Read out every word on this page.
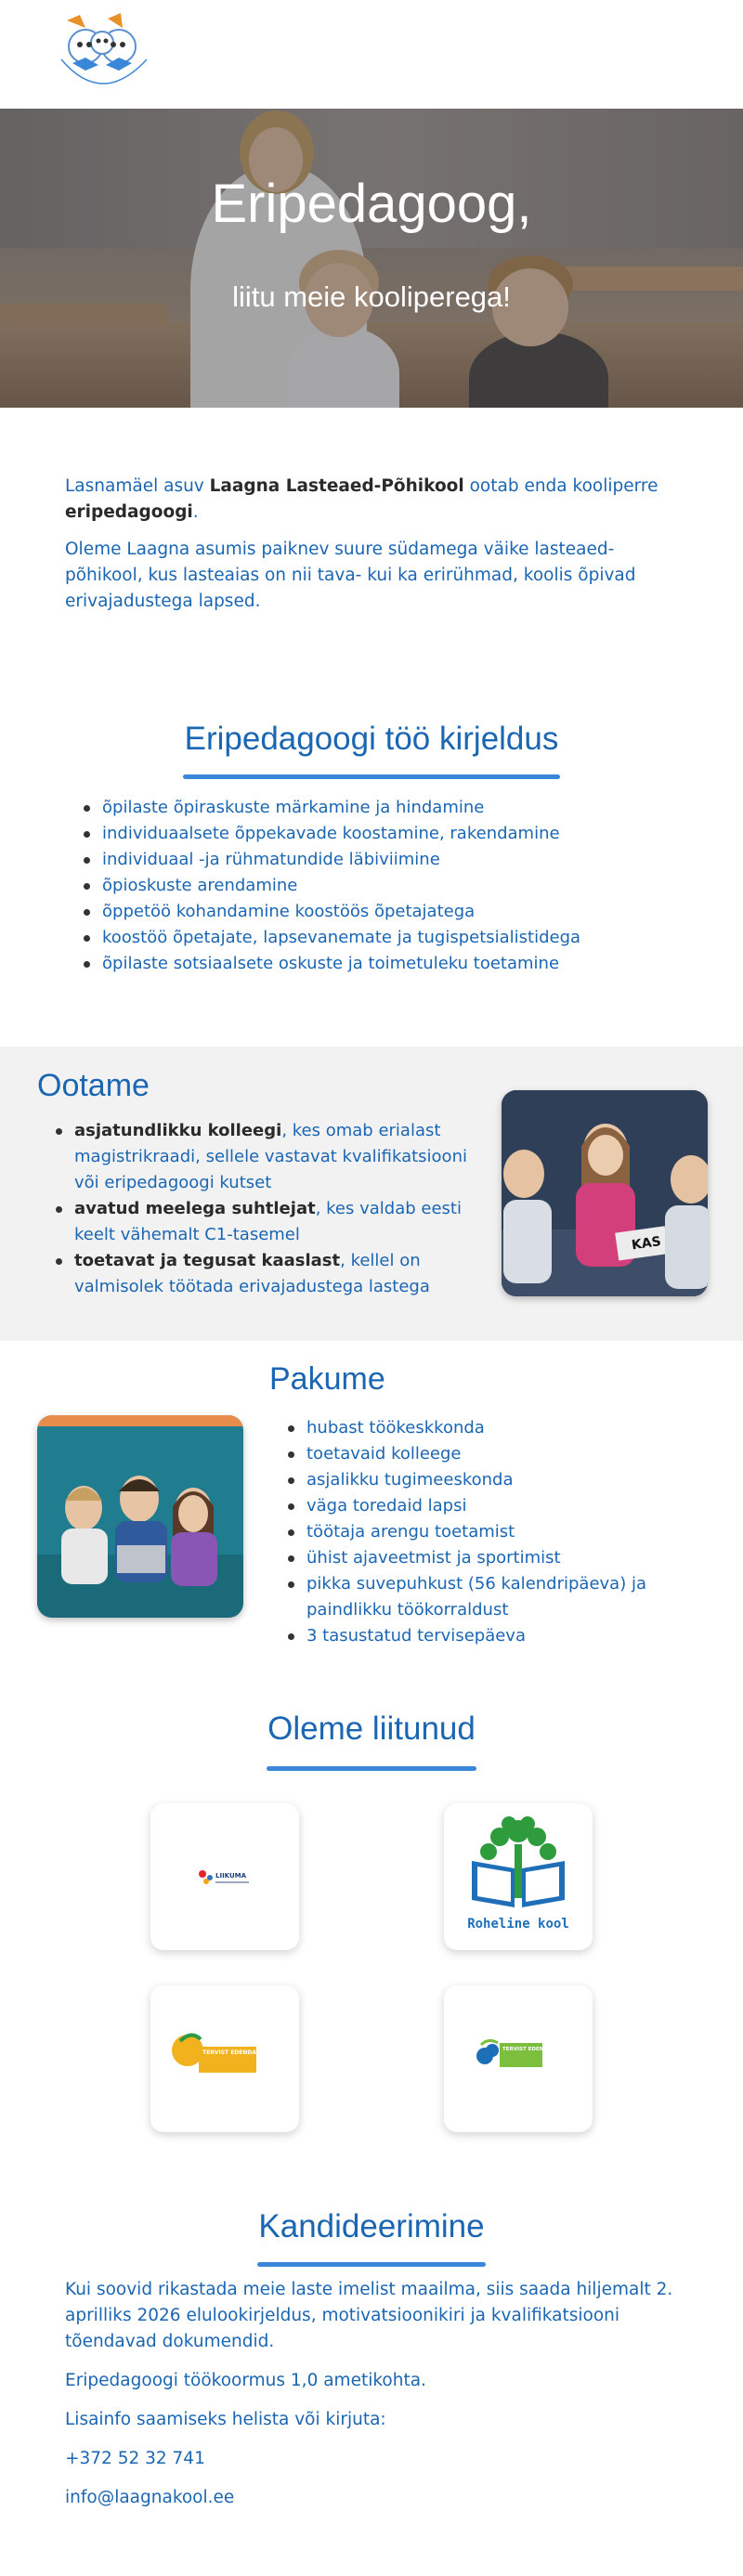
Eripedagoog,
liitu meie kooliperega!

Lasnamäel asuv Laagna Lasteaed-Põhikool ootab enda kooliperre eripedagoogi.

Oleme Laagna asumis paiknev suure südamega väike lasteaed-põhikool, kus lasteaias on nii tava- kui ka erirühmad, koolis õpivad erivajadustega lapsed.

Eripedagoogi töö kirjeldus
õpilaste õpiraskuste märkamine ja hindamine
individuaalsete õppekavade koostamine, rakendamine
individuaal -ja rühmatundide läbiviimine
õpioskuste arendamine
õppetöö kohandamine koostöös õpetajatega
koostöö õpetajate, lapsevanemate ja tugispetsialistidega
õpilaste sotsiaalsete oskuste ja toimetuleku toetamine
Ootame
asjatundlikku kolleegi, kes omab erialast magistrikraadi, sellele vastavat kvalifikatsiooni või eripedagoogi kutset
avatud meelega suhtlejat, kes valdab eesti keelt vähemalt C1-tasemel
toetavat ja tegusat kaaslast, kellel on valmisolek töötada erivajadustega lastega
KAS
Pakume
hubast töökeskkonda
toetavaid kolleege
asjalikku tugimeeskonda
väga toredaid lapsi
töötaja arengu toetamist
ühist ajaveetmist ja sportimist
pikka suvepuhkust (56 kalendripäeva) ja paindlikku töökorraldust
3 tasustatud tervisepäeva
Oleme liitunud
LIIKUMA
Roheline kool
TERVIST EDENDAV LASTEAED	TERVIST EDENDAV KOOL
Kandideerimine

Kui soovid rikastada meie laste imelist maailma, siis saada hiljemalt 2. aprilliks 2026 elulookirjeldus, motivatsioonikiri ja kvalifikatsiooni tõendavad dokumendid.

Eripedagoogi töökoormus 1,0 ametikohta.

Lisainfo saamiseks helista või kirjuta:

+372 52 32 741

info@laagnakool.ee
